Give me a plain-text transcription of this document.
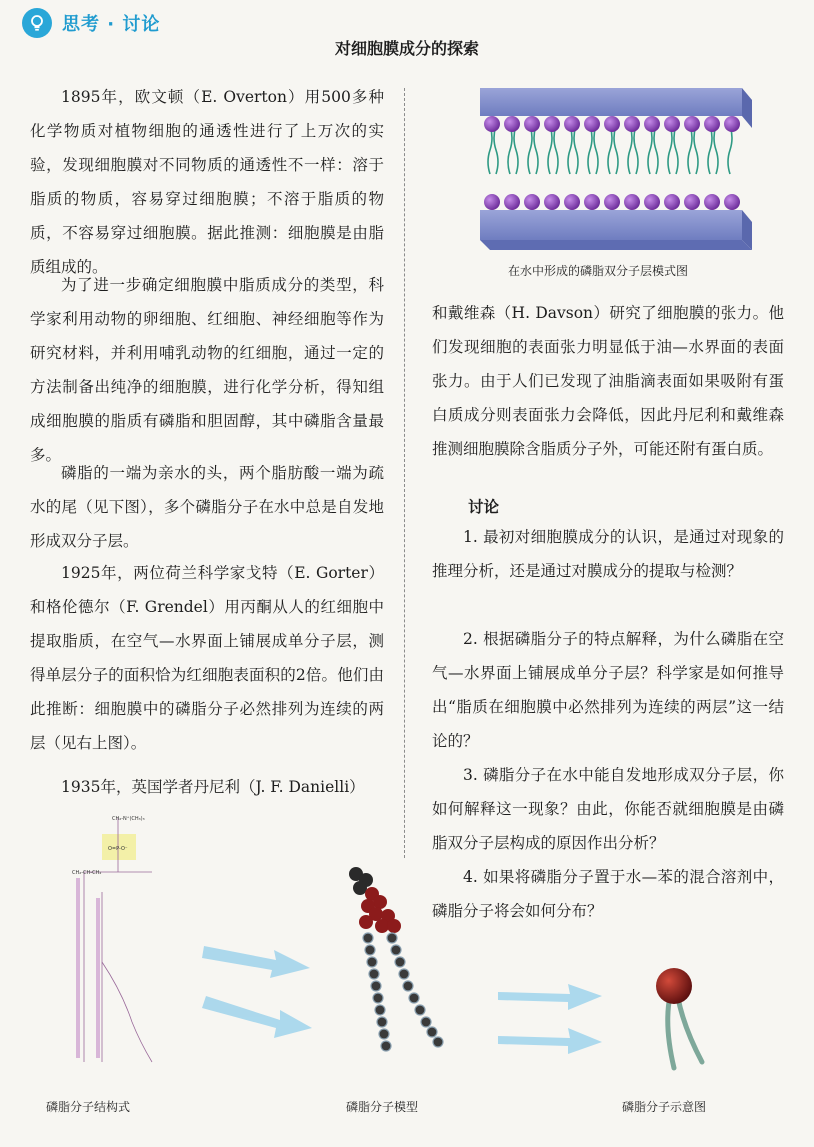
思考 · 讨论
对细胞膜成分的探索

1895年，欧文顿（E. Overton）用500多种化学物质对植物细胞的通透性进行了上万次的实验，发现细胞膜对不同物质的通透性不一样：溶于脂质的物质，容易穿过细胞膜；不溶于脂质的物质，不容易穿过细胞膜。据此推测：细胞膜是由脂质组成的。

为了进一步确定细胞膜中脂质成分的类型，科学家利用动物的卵细胞、红细胞、神经细胞等作为研究材料，并利用哺乳动物的红细胞，通过一定的方法制备出纯净的细胞膜，进行化学分析，得知组成细胞膜的脂质有磷脂和胆固醇，其中磷脂含量最多。

磷脂的一端为亲水的头，两个脂肪酸一端为疏水的尾（见下图），多个磷脂分子在水中总是自发地形成双分子层。

1925年，两位荷兰科学家戈特（E. Gorter）和格伦德尔（F. Grendel）用丙酮从人的红细胞中提取脂质，在空气—水界面上铺展成单分子层，测得单层分子的面积恰为红细胞表面积的2倍。他们由此推断：细胞膜中的磷脂分子必然排列为连续的两层（见右上图）。

1935年，英国学者丹尼利（J. F. Danielli）

在水中形成的磷脂双分子层模式图

和戴维森（H. Davson）研究了细胞膜的张力。他们发现细胞的表面张力明显低于油—水界面的表面张力。由于人们已发现了油脂滴表面如果吸附有蛋白质成分则表面张力会降低，因此丹尼利和戴维森推测细胞膜除含脂质分子外，可能还附有蛋白质。

讨论

1. 最初对细胞膜成分的认识，是通过对现象的推理分析，还是通过对膜成分的提取与检测？

2. 根据磷脂分子的特点解释，为什么磷脂在空气—水界面上铺展成单分子层？科学家是如何推导出“脂质在细胞膜中必然排列为连续的两层”这一结论的？

3. 磷脂分子在水中能自发地形成双分子层，你如何解释这一现象？由此，你能否就细胞膜是由磷脂双分子层构成的原因作出分析？

4. 如果将磷脂分子置于水—苯的混合溶剂中，磷脂分子将会如何分布？

CH₂-N⁺(CH₃)₃
O=P-O⁻
CH₂-CH-CH₂
磷脂分子结构式	磷脂分子模型	磷脂分子示意图
